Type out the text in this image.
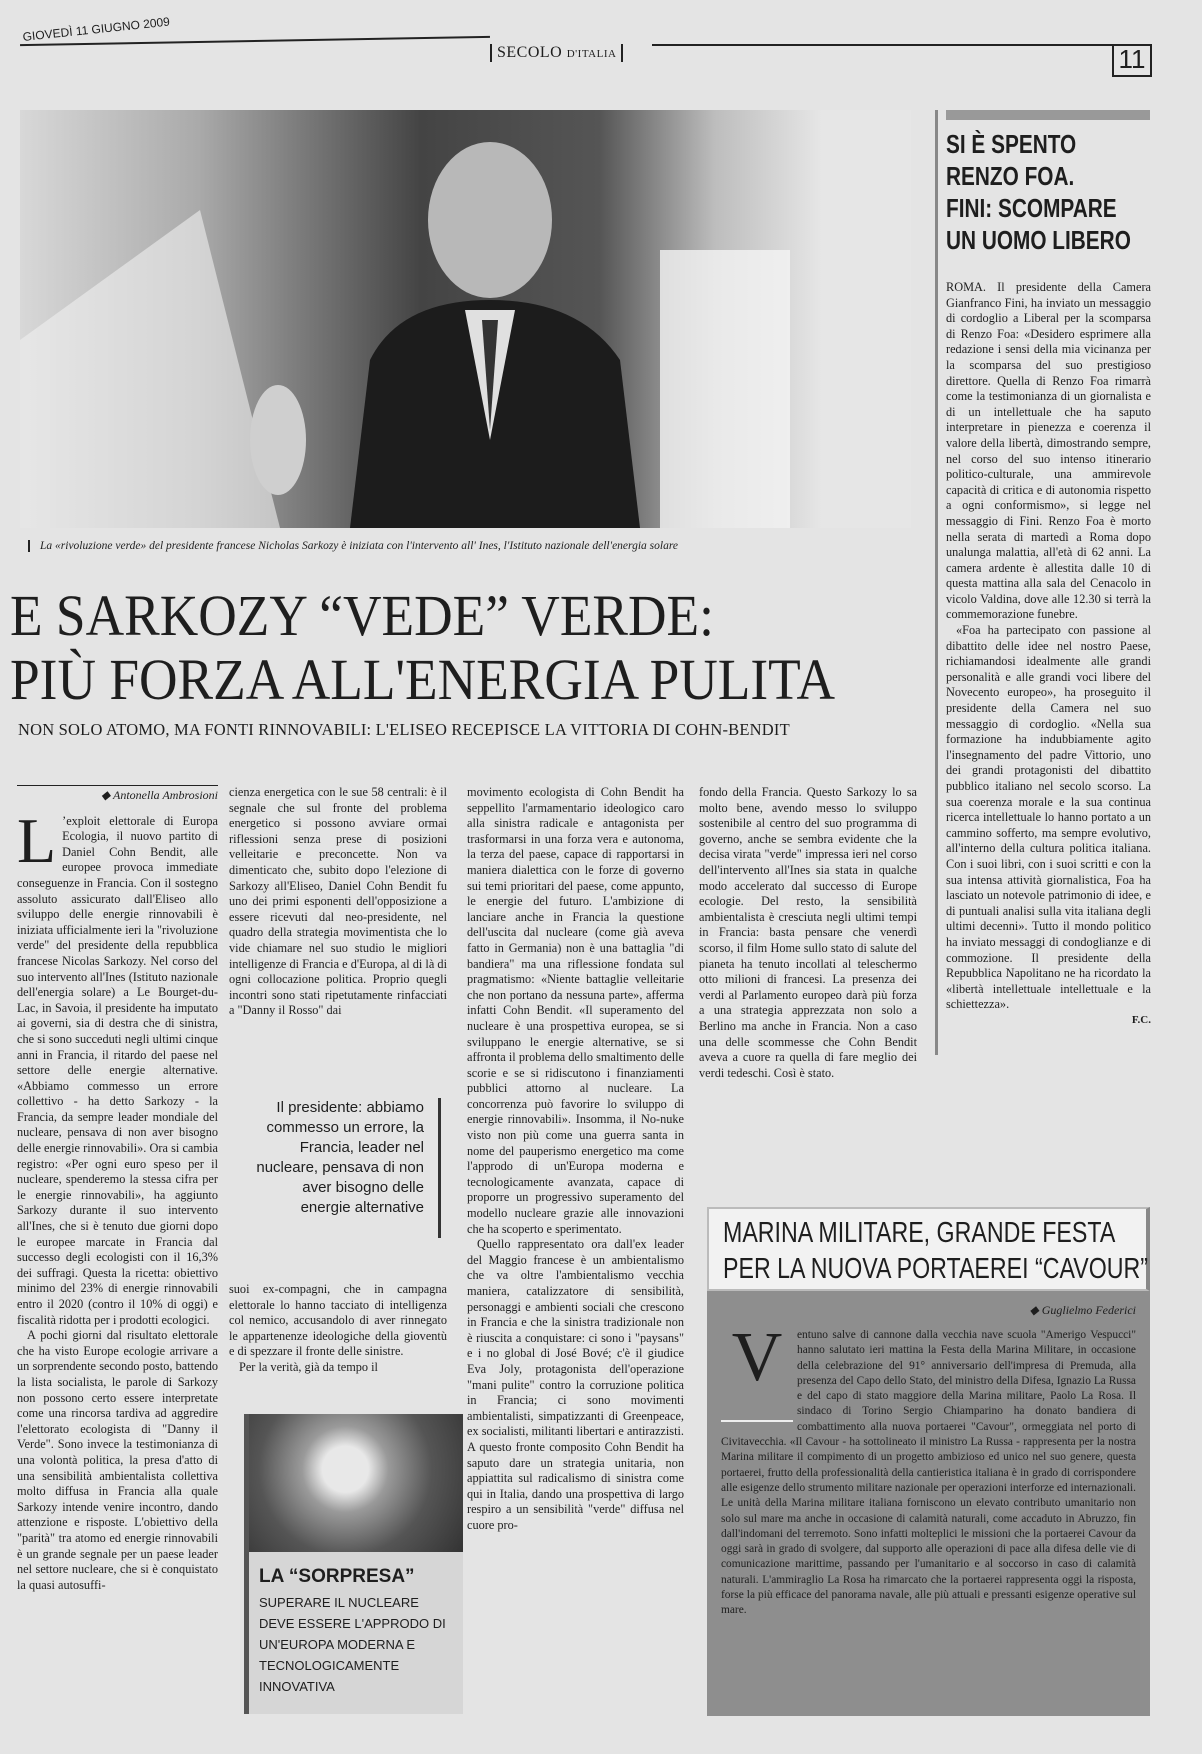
GIOVEDÌ 11 GIUGNO 2009
SECOLO D'ITALIA	11
La «rivoluzione verde» del presidente francese Nicholas Sarkozy è iniziata con l'intervento all' Ines, l'Istituto nazionale dell'energia solare
E SARKOZY “VEDE” VERDE:
PIÙ FORZA ALL'ENERGIA PULITA
NON SOLO ATOMO, MA FONTI RINNOVABILI: L'ELISEO RECEPISCE LA VITTORIA DI COHN-BENDIT
◆ Antonella Ambrosioni
L ’exploit elettorale di Europa Ecologia, il nuovo partito di Daniel Cohn Bendit, alle europee provoca immediate conseguenze in Francia. Con il sostegno assoluto assicurato dall'Eliseo allo sviluppo delle energie rinnovabili è iniziata ufficialmente ieri la "rivoluzione verde" del presidente della repubblica francese Nicolas Sarkozy. Nel corso del suo intervento all'Ines (Istituto nazionale dell'energia solare) a Le Bourget-du-Lac, in Savoia, il presidente ha imputato ai governi, sia di destra che di sinistra, che si sono succeduti negli ultimi cinque anni in Francia, il ritardo del paese nel settore delle energie alternative. «Abbiamo commesso un errore collettivo - ha detto Sarkozy - la Francia, da sempre leader mondiale del nucleare, pensava di non aver bisogno delle energie rinnovabili». Ora si cambia registro: «Per ogni euro speso per il nucleare, spenderemo la stessa cifra per le energie rinnovabili», ha aggiunto Sarkozy durante il suo intervento all'Ines, che si è tenuto due giorni dopo le europee marcate in Francia dal successo degli ecologisti con il 16,3% dei suffragi. Questa la ricetta: obiettivo minimo del 23% di energie rinnovabili entro il 2020 (contro il 10% di oggi) e fiscalità ridotta per i prodotti ecologici.

A pochi giorni dal risultato elettorale che ha visto Europe ecologie arrivare a un sorprendente secondo posto, battendo la lista socialista, le parole di Sarkozy non possono certo essere interpretate come una rincorsa tardiva ad aggredire l'elettorato ecologista di "Danny il Verde". Sono invece la testimonianza di una volontà politica, la presa d'atto di una sensibilità ambientalista collettiva molto diffusa in Francia alla quale Sarkozy intende venire incontro, dando attenzione e risposte. L'obiettivo della "parità" tra atomo ed energie rinnovabili è un grande segnale per un paese leader nel settore nucleare, che si è conquistato la quasi autosuffi-

cienza energetica con le sue 58 centrali: è il segnale che sul fronte del problema energetico si possono avviare ormai riflessioni senza prese di posizioni velleitarie e preconcette. Non va dimenticato che, subito dopo l'elezione di Sarkozy all'Eliseo, Daniel Cohn Bendit fu uno dei primi esponenti dell'opposizione a essere ricevuti dal neo-presidente, nel quadro della strategia movimentista che lo vide chiamare nel suo studio le migliori intelligenze di Francia e d'Europa, al di là di ogni collocazione politica. Proprio quegli incontri sono stati ripetutamente rinfacciati a "Danny il Rosso" dai

Il presidente: abbiamo commesso un errore, la Francia, leader nel nucleare, pensava di non aver bisogno delle energie alternative

suoi ex-compagni, che in campagna elettorale lo hanno tacciato di intelligenza col nemico, accusandolo di aver rinnegato le appartenenze ideologiche della gioventù e di spezzare il fronte delle sinistre.

Per la verità, già da tempo il

LA “SORPRESA”
SUPERARE IL NUCLEARE DEVE ESSERE L'APPRODO DI UN'EUROPA MODERNA E TECNOLOGICAMENTE INNOVATIVA

movimento ecologista di Cohn Bendit ha seppellito l'armamentario ideologico caro alla sinistra radicale e antagonista per trasformarsi in una forza vera e autonoma, la terza del paese, capace di rapportarsi in maniera dialettica con le forze di governo sui temi prioritari del paese, come appunto, le energie del futuro. L'ambizione di lanciare anche in Francia la questione dell'uscita dal nucleare (come già aveva fatto in Germania) non è una battaglia "di bandiera" ma una riflessione fondata sul pragmatismo: «Niente battaglie velleitarie che non portano da nessuna parte», afferma infatti Cohn Bendit. «Il superamento del nucleare è una prospettiva europea, se si sviluppano le energie alternative, se si affronta il problema dello smaltimento delle scorie e se si ridiscutono i finanziamenti pubblici attorno al nucleare. La concorrenza può favorire lo sviluppo di energie rinnovabili». Insomma, il No-nuke visto non più come una guerra santa in nome del pauperismo energetico ma come l'approdo di un'Europa moderna e tecnologicamente avanzata, capace di proporre un progressivo superamento del modello nucleare grazie alle innovazioni che ha scoperto e sperimentato.

Quello rappresentato ora dall'ex leader del Maggio francese è un ambientalismo che va oltre l'ambientalismo vecchia maniera, catalizzatore di sensibilità, personaggi e ambienti sociali che crescono in Francia e che la sinistra tradizionale non è riuscita a conquistare: ci sono i "paysans" e i no global di José Bové; c'è il giudice Eva Joly, protagonista dell'operazione "mani pulite" contro la corruzione politica in Francia; ci sono movimenti ambientalisti, simpatizzanti di Greenpeace, ex socialisti, militanti libertari e antirazzisti. A questo fronte composito Cohn Bendit ha saputo dare un strategia unitaria, non appiattita sul radicalismo di sinistra come qui in Italia, dando una prospettiva di largo respiro a un sensibilità "verde" diffusa nel cuore pro-

fondo della Francia. Questo Sarkozy lo sa molto bene, avendo messo lo sviluppo sostenibile al centro del suo programma di governo, anche se sembra evidente che la decisa virata "verde" impressa ieri nel corso dell'intervento all'Ines sia stata in qualche modo accelerato dal successo di Europe ecologie. Del resto, la sensibilità ambientalista è cresciuta negli ultimi tempi in Francia: basta pensare che venerdì scorso, il film Home sullo stato di salute del pianeta ha tenuto incollati al teleschermo otto milioni di francesi. La presenza dei verdi al Parlamento europeo darà più forza a una strategia apprezzata non solo a Berlino ma anche in Francia. Non a caso una delle scommesse che Cohn Bendit aveva a cuore ra quella di fare meglio dei verdi tedeschi. Così è stato.

SI È SPENTO
RENZO FOA.
FINI: SCOMPARE
UN UOMO LIBERO

ROMA. Il presidente della Camera Gianfranco Fini, ha inviato un messaggio di cordoglio a Liberal per la scomparsa di Renzo Foa: «Desidero esprimere alla redazione i sensi della mia vicinanza per la scomparsa del suo prestigioso direttore. Quella di Renzo Foa rimarrà come la testimonianza di un giornalista e di un intellettuale che ha saputo interpretare in pienezza e coerenza il valore della libertà, dimostrando sempre, nel corso del suo intenso itinerario politico-culturale, una ammirevole capacità di critica e di autonomia rispetto a ogni conformismo», si legge nel messaggio di Fini. Renzo Foa è morto nella serata di martedì a Roma dopo unalunga malattia, all'età di 62 anni. La camera ardente è allestita dalle 10 di questa mattina alla sala del Cenacolo in vicolo Valdina, dove alle 12.30 si terrà la commemorazione funebre.

«Foa ha partecipato con passione al dibattito delle idee nel nostro Paese, richiamandosi idealmente alle grandi personalità e alle grandi voci libere del Novecento europeo», ha proseguito il presidente della Camera nel suo messaggio di cordoglio. «Nella sua formazione ha indubbiamente agito l'insegnamento del padre Vittorio, uno dei grandi protagonisti del dibattito pubblico italiano nel secolo scorso. La sua coerenza morale e la sua continua ricerca intellettuale lo hanno portato a un cammino sofferto, ma sempre evolutivo, all'interno della cultura politica italiana. Con i suoi libri, con i suoi scritti e con la sua intensa attività giornalistica, Foa ha lasciato un notevole patrimonio di idee, e di puntuali analisi sulla vita italiana degli ultimi decenni». Tutto il mondo politico ha inviato messaggi di condoglianze e di commozione. Il presidente della Repubblica Napolitano ne ha ricordato la «libertà intellettuale intellettuale e la schiettezza».

F.C.
MARINA MILITARE, GRANDE FESTA
PER LA NUOVA PORTAEREI “CAVOUR”
◆ Guglielmo Federici
V	entuno salve di cannone dalla vecchia nave scuola "Amerigo Vespucci" hanno salutato ieri mattina la Festa della Marina Militare, in occasione della celebrazione del 91° anniversario dell'impresa di Premuda, alla presenza del Capo dello Stato, del ministro della Difesa, Ignazio La Russa e del capo di stato maggiore della Marina militare, Paolo La Rosa. Il sindaco di Torino Sergio Chiamparino ha donato bandiera di combattimento alla nuova portaerei "Cavour", ormeggiata nel porto di Civitavecchia. «Il Cavour - ha sottolineato il ministro La Russa - rappresenta per la nostra Marina militare il compimento di un progetto ambizioso ed unico nel suo genere, questa portaerei, frutto della professionalità della cantieristica italiana è in grado di corrispondere alle esigenze dello strumento militare nazionale per operazioni interforze ed internazionali. Le unità della Marina militare italiana forniscono un elevato contributo umanitario non solo sul mare ma anche in occasione di calamità naturali, come accaduto in Abruzzo, fin dall'indomani del terremoto. Sono infatti molteplici le missioni che la portaerei Cavour da oggi sarà in grado di svolgere, dal supporto alle operazioni di pace alla difesa delle vie di comunicazione marittime, passando per l'umanitario e al soccorso in caso di calamità naturali. L'ammiraglio La Rosa ha rimarcato che la portaerei rappresenta oggi la risposta, forse la più efficace del panorama navale, alle più attuali e pressanti esigenze operative sul mare.
